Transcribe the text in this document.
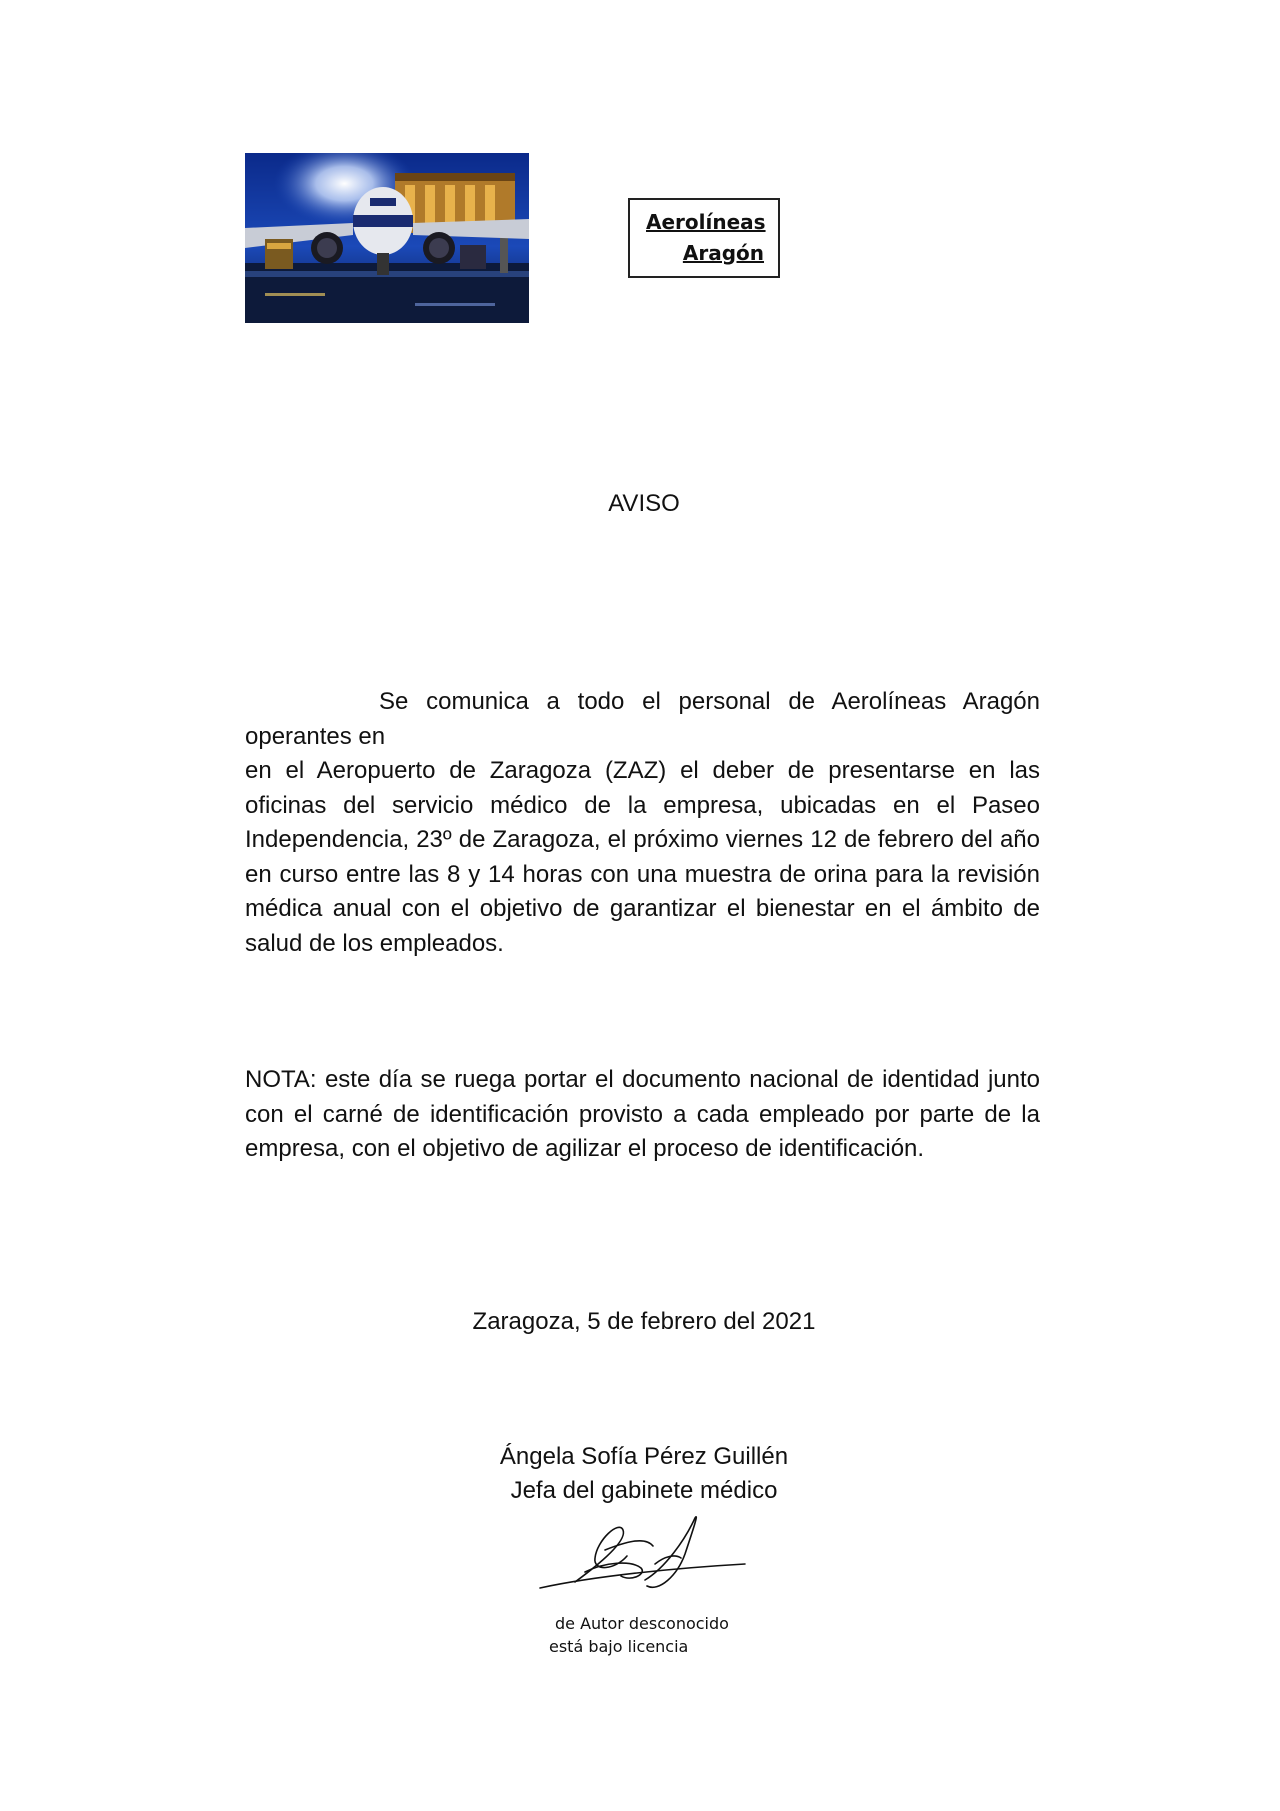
Aerolíneas
Aragón
AVISO

Se comunica a todo el personal de Aerolíneas Aragón

operantes en

en el Aeropuerto de Zaragoza (ZAZ) el deber de presentarse en las oficinas del servicio médico de la empresa, ubicadas en el Paseo Independencia, 23º de Zaragoza, el próximo viernes 12 de febrero del año en curso entre las 8 y 14 horas con una muestra de orina para la revisión médica anual con el objetivo de garantizar el bienestar en el ámbito de salud de los empleados.

NOTA: este día se ruega portar el documento nacional de identidad junto con el carné de identificación provisto a cada empleado por parte de la empresa, con el objetivo de agilizar el proceso de identificación.

Zaragoza, 5 de febrero del 2021
Ángela Sofía Pérez Guillén
Jefa del gabinete médico
de Autor desconocido
está bajo licencia
